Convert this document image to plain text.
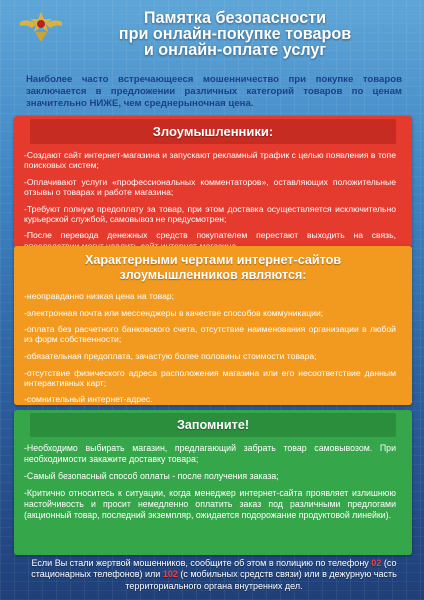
Памятка безопасности
при онлайн-покупке товаров
и онлайн-оплате услуг
Наиболее часто встречающееся мошенничество при покупке товаров заключается в предложении различных категорий товаров по ценам значительно НИЖЕ, чем среднерыночная цена.
Злоумышленники:
-Создают сайт интернет-магазина и запускают рекламный трафик с целью появления в топе поисковых систем;
-Оплачивают услуги «профессиональных комментаторов», оставляющих положительные отзывы о товарах и работе магазина;
-Требуют полную предоплату за товар, при этом доставка осуществляется исключительно курьерской службой, самовывоз не предусмотрен;
-После перевода денежных средств покупателем перестают выходить на связь,
Характерными чертами интернет-сайтов
злоумышленников являются:
-неоправданно низкая цена на товар;
-электронная почта или мессенджеры в качестве способов коммуникации;
-оплата без расчетного банковского счета, отсутствие наименования организации в любой из форм собственности;
-обязательная предоплата, зачастую более половины стоимости товара;
-отсутствие физического адреса расположения магазина или его несоответствие данным интерактивных карт;
-сомнительный интернет-адрес.
Запомните!
-Необходимо выбирать магазин, предлагающий забрать товар самовывозом. При необходимости закажите доставку товара;
-Самый безопасный способ оплаты - после получения заказа;
-Критично относитесь к ситуации, когда менеджер интернет-сайта проявляет излишнюю настойчивость и просит немедленно оплатить заказ под различными предлогами (акционный товар, последний экземпляр, ожидается подорожание продуктовой линейки).
Если Вы стали жертвой мошенников, сообщите об этом в полицию по телефону 02 (со стационарных телефонов) или 102 (с мобильных средств связи) или в дежурную часть территориального органа внутренних дел.
